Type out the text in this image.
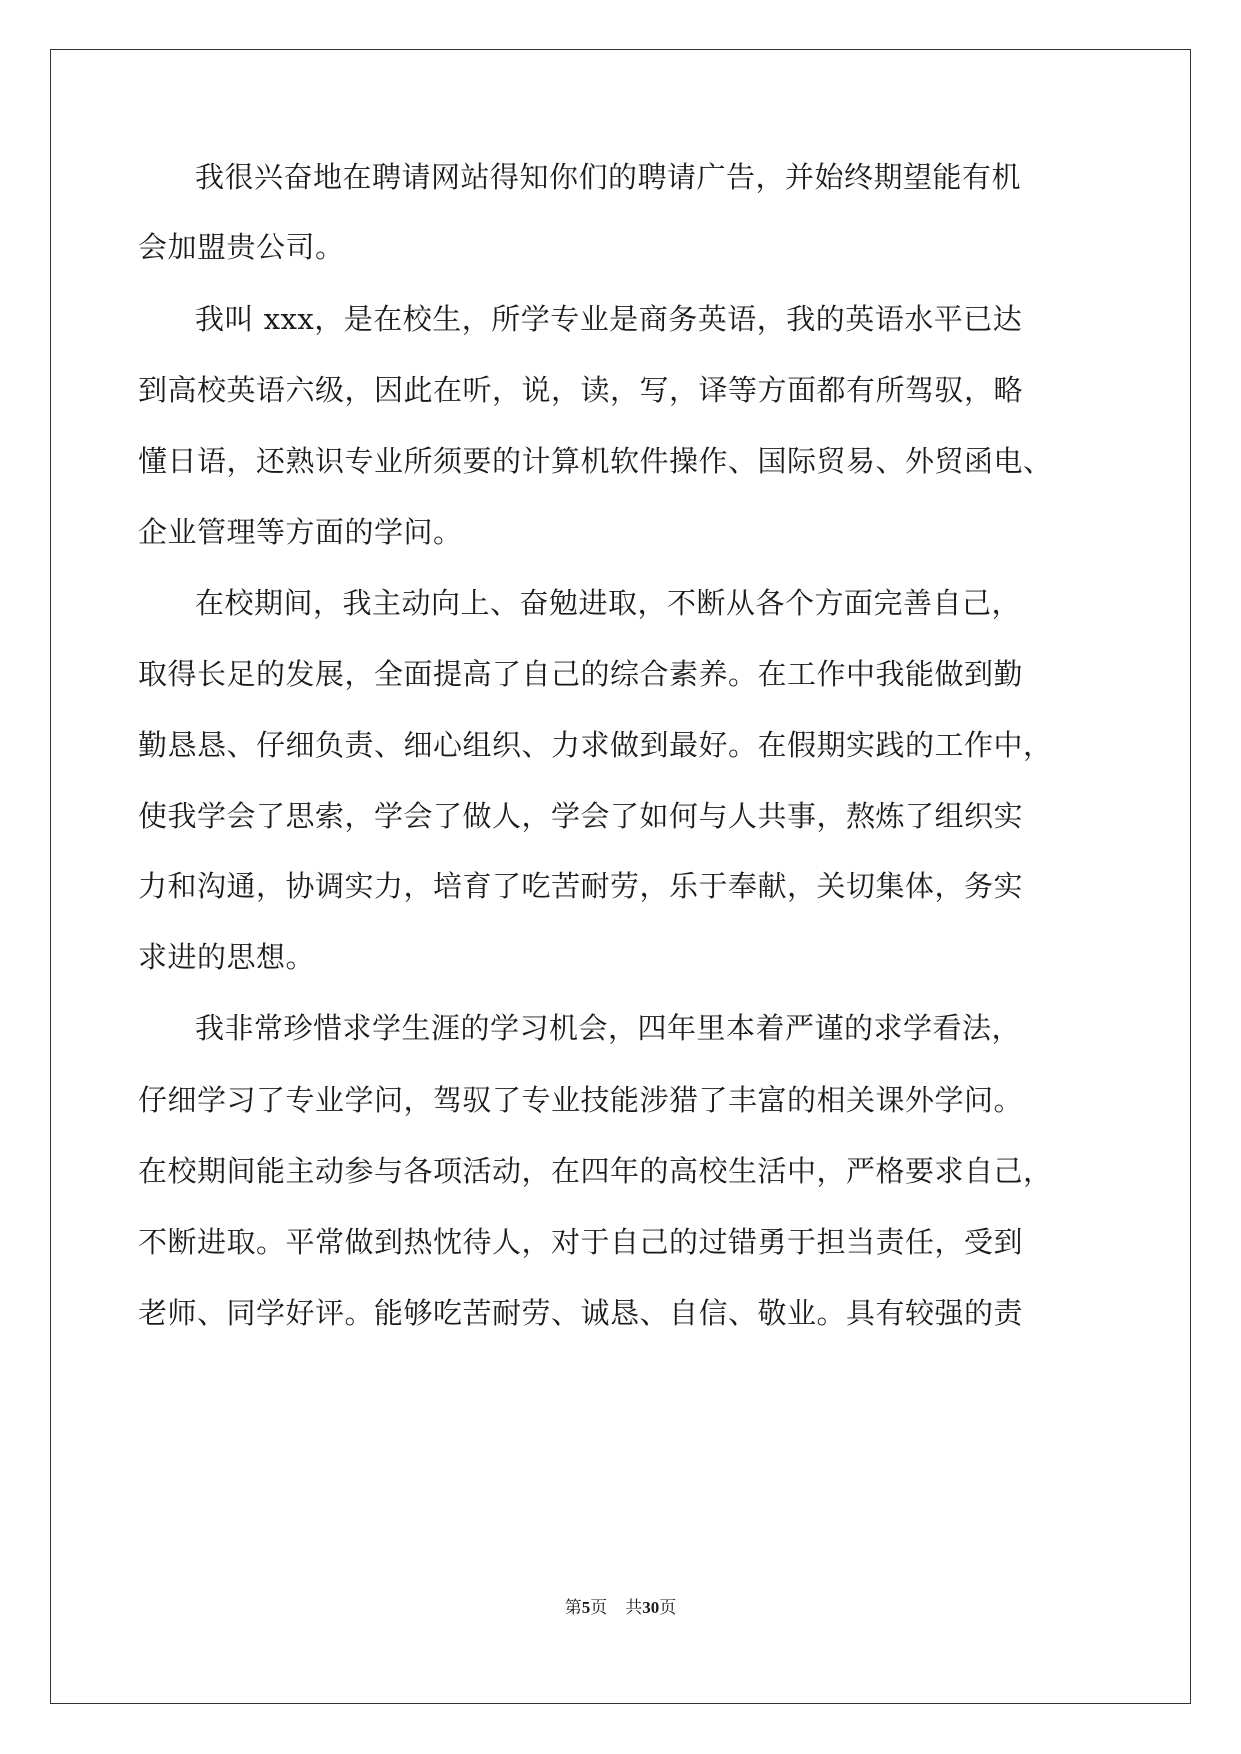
我很兴奋地在聘请网站得知你们的聘请广告，并始终期望能有机
会加盟贵公司。
我叫 xxx，是在校生，所学专业是商务英语，我的英语水平已达
到高校英语六级，因此在听，说，读，写，译等方面都有所驾驭，略
懂日语，还熟识专业所须要的计算机软件操作、国际贸易、外贸函电、
企业管理等方面的学问。
在校期间，我主动向上、奋勉进取，不断从各个方面完善自己，
取得长足的发展，全面提高了自己的综合素养。在工作中我能做到勤
勤恳恳、仔细负责、细心组织、力求做到最好。在假期实践的工作中，
使我学会了思索，学会了做人，学会了如何与人共事，熬炼了组织实
力和沟通，协调实力，培育了吃苦耐劳，乐于奉献，关切集体，务实
求进的思想。
我非常珍惜求学生涯的学习机会，四年里本着严谨的求学看法，
仔细学习了专业学问，驾驭了专业技能涉猎了丰富的相关课外学问。
在校期间能主动参与各项活动，在四年的高校生活中，严格要求自己，
不断进取。平常做到热忱待人，对于自己的过错勇于担当责任，受到
老师、同学好评。能够吃苦耐劳、诚恳、自信、敬业。具有较强的责
第5页 共30页
